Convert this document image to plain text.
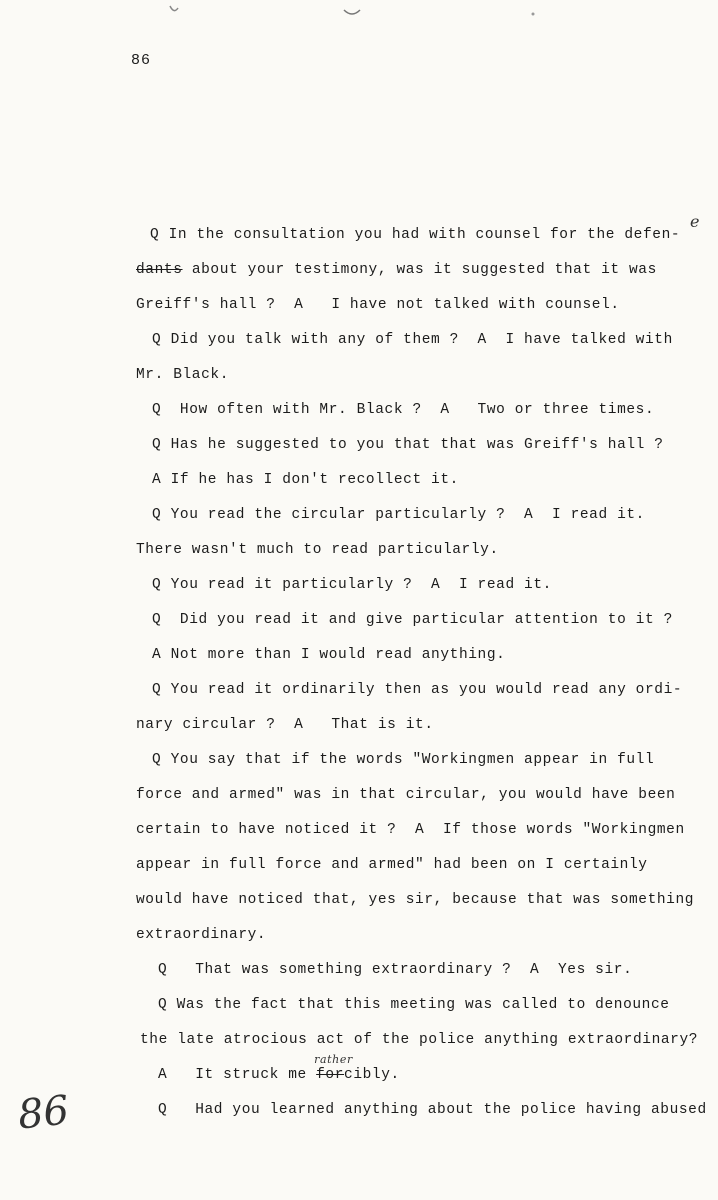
86
e
Q In the consultation you had with counsel for the defen-
dants about your testimony, was it suggested that it was
Greiff's hall ?  A   I have not talked with counsel.
Q Did you talk with any of them ?  A  I have talked with
Mr. Black.
Q  How often with Mr. Black ?  A   Two or three times.
Q Has he suggested to you that that was Greiff's hall ?
A If he has I don't recollect it.
Q You read the circular particularly ?  A  I read it.
There wasn't much to read particularly.
Q You read it particularly ?  A  I read it.
Q  Did you read it and give particular attention to it ?
A Not more than I would read anything.
Q You read it ordinarily then as you would read any ordi-
nary circular ?  A   That is it.
Q You say that if the words "Workingmen appear in full
force and armed" was in that circular, you would have been
certain to have noticed it ?  A  If those words "Workingmen
appear in full force and armed" had been on I certainly
would have noticed that, yes sir, because that was something
extraordinary.
Q   That was something extraordinary ?  A  Yes sir.
Q Was the fact that this meeting was called to denounce
the late atrocious act of the police anything extraordinary?
A   It struck me
rather
forcibly.
Q   Had you learned anything about the police having abused
86
